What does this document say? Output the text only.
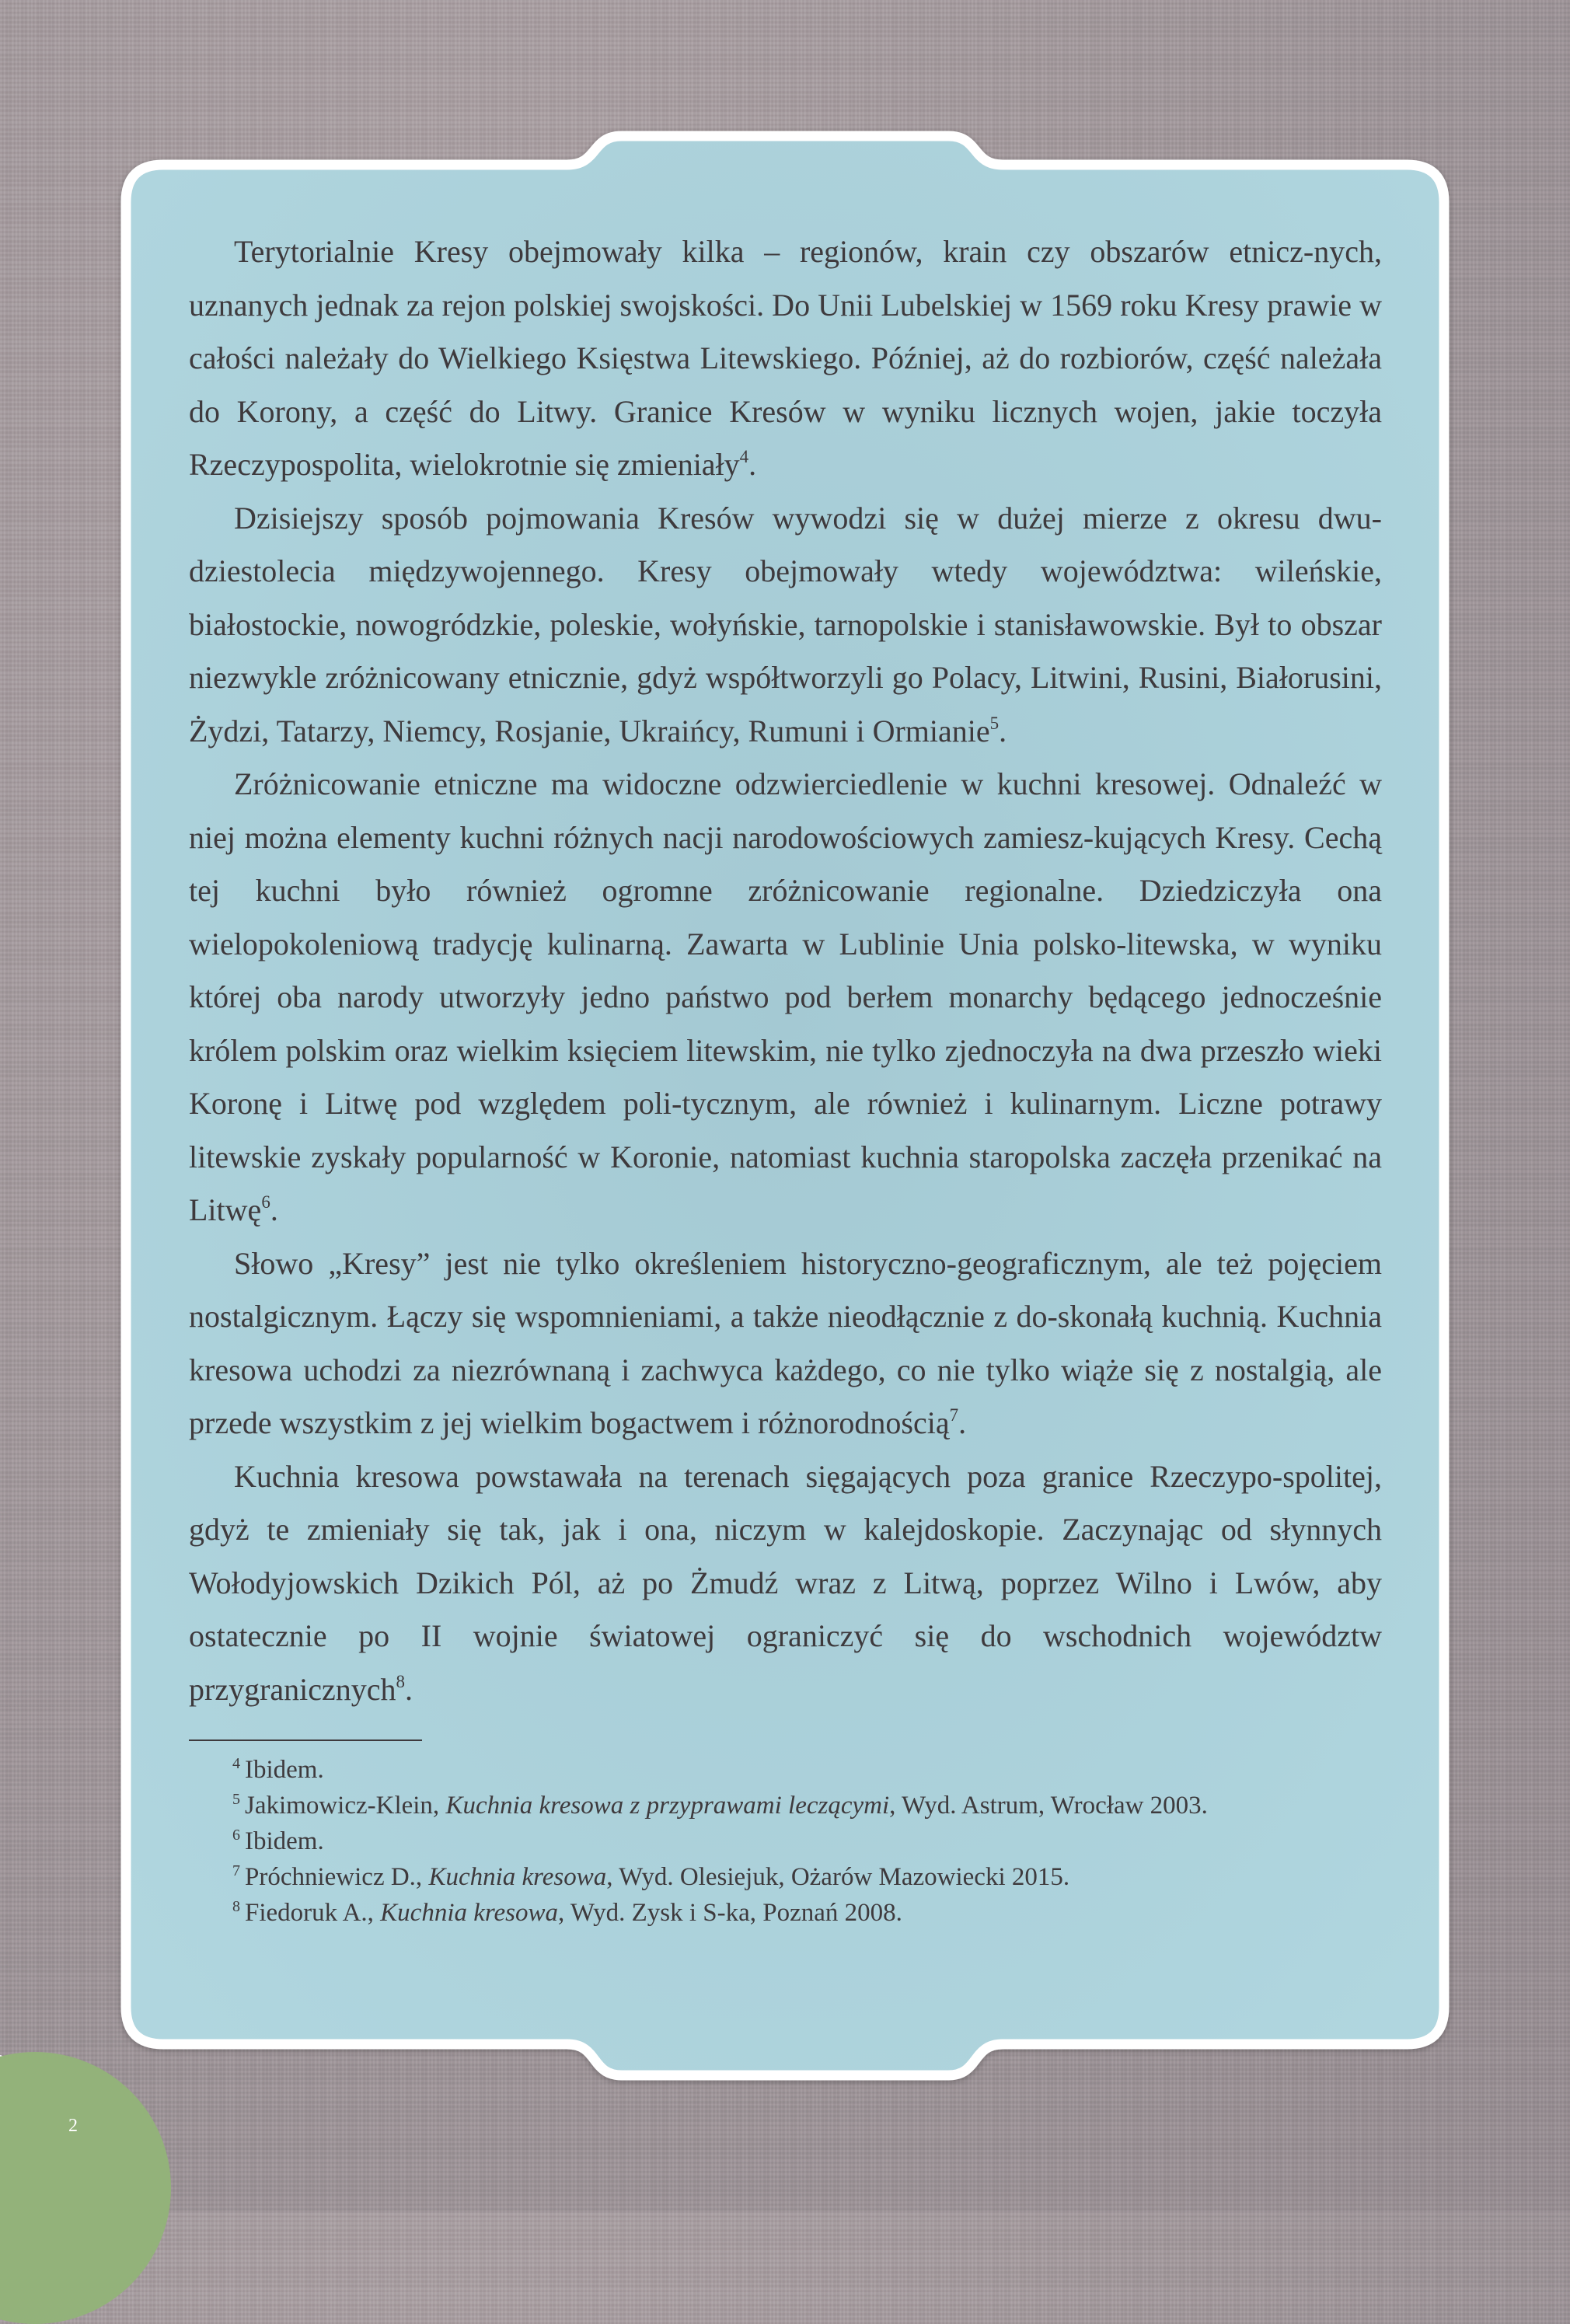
2

Terytorialnie Kresy obejmowały kilka – regionów, krain czy obszarów etnicz-nych, uznanych jednak za rejon polskiej swojskości. Do Unii Lubelskiej w 1569 roku Kresy prawie w całości należały do Wielkiego Księstwa Litewskiego. Później, aż do rozbiorów, część należała do Korony, a część do Litwy. Granice Kresów w wyniku licznych wojen, jakie toczyła Rzeczypospolita, wielokrotnie się zmieniały$^4$.

Dzisiejszy sposób pojmowania Kresów wywodzi się w dużej mierze z okresu dwu-dziestolecia międzywojennego. Kresy obejmowały wtedy województwa: wileńskie, białostockie, nowogródzkie, poleskie, wołyńskie, tarnopolskie i stanisławowskie. Był to obszar niezwykle zróżnicowany etnicznie, gdyż współtworzyli go Polacy, Litwini, Rusini, Białorusini, Żydzi, Tatarzy, Niemcy, Rosjanie, Ukraińcy, Rumuni i Ormianie$^5$.

Zróżnicowanie etniczne ma widoczne odzwierciedlenie w kuchni kresowej. Odnaleźć w niej można elementy kuchni różnych nacji narodowościowych zamiesz-kujących Kresy. Cechą tej kuchni było również ogromne zróżnicowanie regionalne. Dziedziczyła ona wielopokoleniową tradycję kulinarną. Zawarta w Lublinie Unia polsko-litewska, w wyniku której oba narody utworzyły jedno państwo pod berłem monarchy będącego jednocześnie królem polskim oraz wielkim księciem litewskim, nie tylko zjednoczyła na dwa przeszło wieki Koronę i Litwę pod względem poli-tycznym, ale również i kulinarnym. Liczne potrawy litewskie zyskały popularność w Koronie, natomiast kuchnia staropolska zaczęła przenikać na Litwę$^6$.

Słowo „Kresy” jest nie tylko określeniem historyczno-geograficznym, ale też pojęciem nostalgicznym. Łączy się wspomnieniami, a także nieodłącznie z do-skonałą kuchnią. Kuchnia kresowa uchodzi za niezrównaną i zachwyca każdego, co nie tylko wiąże się z nostalgią, ale przede wszystkim z jej wielkim bogactwem i różnorodnością$^7$.

Kuchnia kresowa powstawała na terenach sięgających poza granice Rzeczypo-spolitej, gdyż te zmieniały się tak, jak i ona, niczym w kalejdoskopie. Zaczynając od słynnych Wołodyjowskich Dzikich Pól, aż po Żmudź wraz z Litwą, poprzez Wilno i Lwów, aby ostatecznie po II wojnie światowej ograniczyć się do wschodnich województw przygranicznych$^8$.

$^4$ Ibidem.
$^5$ Jakimowicz-Klein, Kuchnia kresowa z przyprawami leczącymi, Wyd. Astrum, Wrocław 2003.
$^6$ Ibidem.
$^7$ Próchniewicz D., Kuchnia kresowa, Wyd. Olesiejuk, Ożarów Mazowiecki 2015.
$^8$ Fiedoruk A., Kuchnia kresowa, Wyd. Zysk i S-ka, Poznań 2008.
